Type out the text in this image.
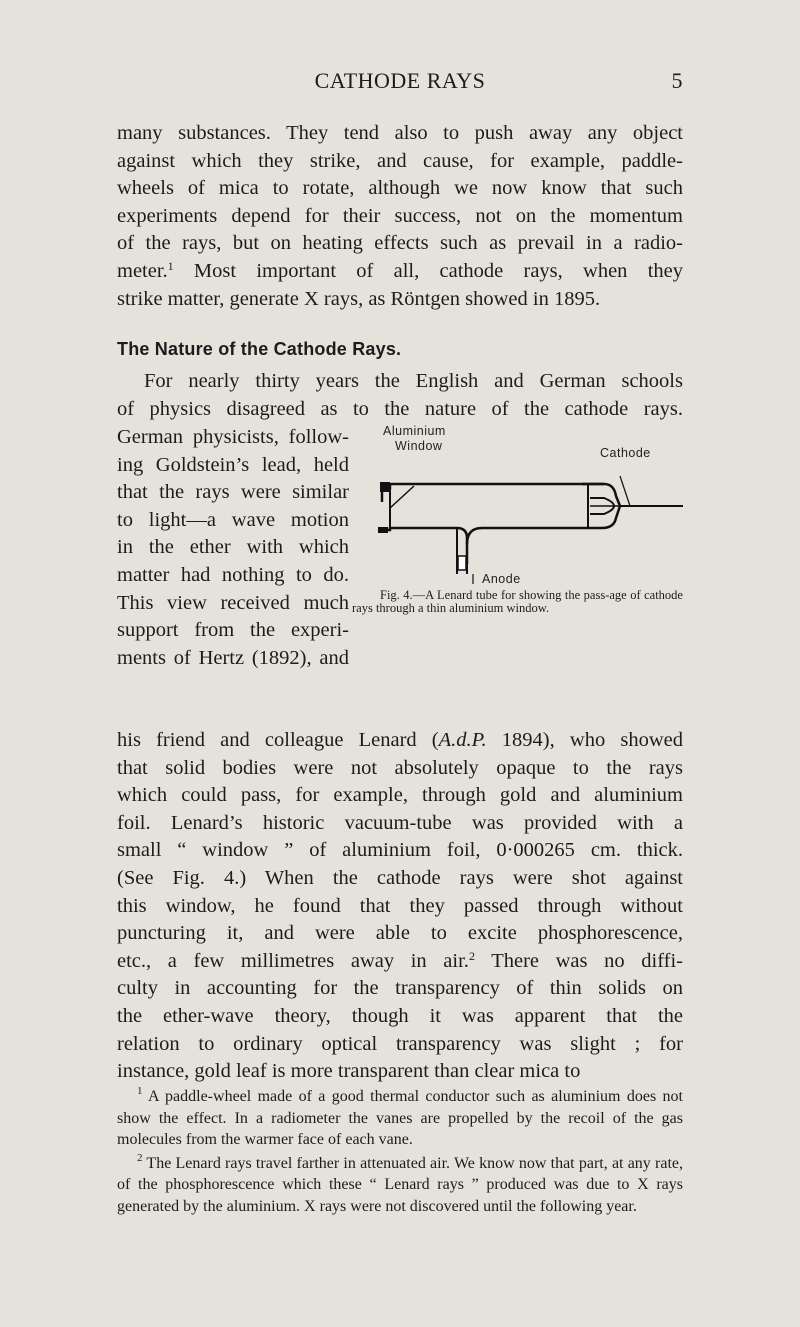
CATHODE RAYS	5
many substances. They tend also to push away any object
against which they strike, and cause, for example, paddle-
wheels of mica to rotate, although we now know that such
experiments depend for their success, not on the momentum
of the rays, but on heating effects such as prevail in a radio-
meter.$^1$ Most important of all, cathode rays, when they
strike matter, generate X rays, as Röntgen showed in 1895.
The Nature of the Cathode Rays.
For nearly thirty years the English and German schools
of physics disagreed as to the nature of the cathode rays.
German physicists, follow-
ing Goldstein’s lead, held
that the rays were similar
to light—a wave motion
in the ether with which
matter had nothing to do.
This view received much
support from the experi-
ments of Hertz (1892), and
Aluminium
Window	Cathode
Anode
Fig. 4.—A Lenard tube for showing the pass-age of cathode rays through a thin aluminium window.
his friend and colleague Lenard (A.d.P. 1894), who showed
that solid bodies were not absolutely opaque to the rays
which could pass, for example, through gold and aluminium
foil. Lenard’s historic vacuum-tube was provided with a
small “ window ” of aluminium foil, 0·000265 cm. thick.
(See Fig. 4.) When the cathode rays were shot against
this window, he found that they passed through without
puncturing it, and were able to excite phosphorescence,
etc., a few millimetres away in air.$^2$ There was no diffi-
culty in accounting for the transparency of thin solids on
the ether-wave theory, though it was apparent that the
relation to ordinary optical transparency was slight ; for
instance, gold leaf is more transparent than clear mica to
$^1$ A paddle-wheel made of a good thermal conductor such as aluminium does not show the effect. In a radiometer the vanes are propelled by the recoil of the gas molecules from the warmer face of each vane.
$^2$ The Lenard rays travel farther in attenuated air. We know now that part, at any rate, of the phosphorescence which these “ Lenard rays ” produced was due to X rays generated by the aluminium. X rays were not discovered until the following year.
